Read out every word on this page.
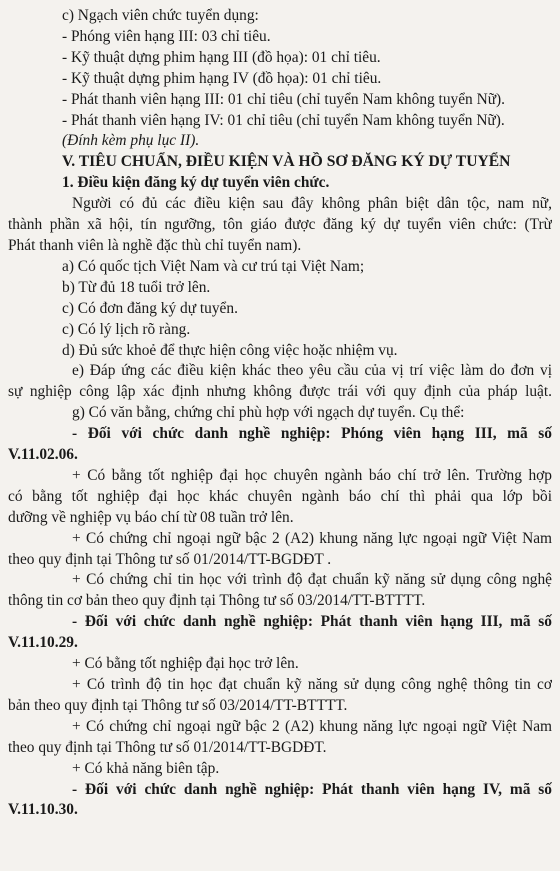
c) Ngạch viên chức tuyển dụng:
- Phóng viên hạng III: 03 chỉ tiêu.
- Kỹ thuật dựng phim hạng III (đồ họa): 01 chỉ tiêu.
- Kỹ thuật dựng phim hạng IV (đồ họa): 01 chỉ tiêu.
- Phát thanh viên hạng III: 01 chỉ tiêu (chỉ tuyển Nam không tuyển Nữ).
- Phát thanh viên hạng IV: 01 chỉ tiêu (chỉ tuyển Nam không tuyển Nữ).
(Đính kèm phụ lục II).
V. TIÊU CHUẨN, ĐIỀU KIỆN VÀ HỒ SƠ ĐĂNG KÝ DỰ TUYỂN
1. Điều kiện đăng ký dự tuyển viên chức.
Người có đủ các điều kiện sau đây không phân biệt dân tộc, nam nữ,
thành phần xã hội, tín ngưỡng, tôn giáo được đăng ký dự tuyển viên chức: (Trừ
Phát thanh viên là nghề đặc thù chỉ tuyển nam).
a) Có quốc tịch Việt Nam và cư trú tại Việt Nam;
b) Từ đủ 18 tuổi trở lên.
c) Có đơn đăng ký dự tuyển.
c) Có lý lịch rõ ràng.
d) Đủ sức khoẻ để thực hiện công việc hoặc nhiệm vụ.
e) Đáp ứng các điều kiện khác theo yêu cầu của vị trí việc làm do đơn vị
sự nghiệp công lập xác định nhưng không được trái với quy định của pháp luật.
g) Có văn bằng, chứng chỉ phù hợp với ngạch dự tuyển. Cụ thể:
- Đối với chức danh nghề nghiệp: Phóng viên hạng III, mã số
V.11.02.06.
+ Có bằng tốt nghiệp đại học chuyên ngành báo chí trở lên. Trường hợp
có bằng tốt nghiệp đại học khác chuyên ngành báo chí thì phải qua lớp bồi
dưỡng về nghiệp vụ báo chí từ 08 tuần trở lên.
+ Có chứng chỉ ngoại ngữ bậc 2 (A2) khung năng lực ngoại ngữ Việt Nam
theo quy định tại Thông tư số 01/2014/TT-BGDĐT .
+ Có chứng chỉ tin học với trình độ đạt chuẩn kỹ năng sử dụng công nghệ
thông tin cơ bản theo quy định tại Thông tư số 03/2014/TT-BTTTT.
- Đối với chức danh nghề nghiệp: Phát thanh viên hạng III, mã số
V.11.10.29.
+ Có bằng tốt nghiệp đại học trở lên.
+ Có trình độ tin học đạt chuẩn kỹ năng sử dụng công nghệ thông tin cơ
bản theo quy định tại Thông tư số 03/2014/TT-BTTTT.
+ Có chứng chỉ ngoại ngữ bậc 2 (A2) khung năng lực ngoại ngữ Việt Nam
theo quy định tại Thông tư số 01/2014/TT-BGDĐT.
+ Có khả năng biên tập.
- Đối với chức danh nghề nghiệp: Phát thanh viên hạng IV, mã số
V.11.10.30.
